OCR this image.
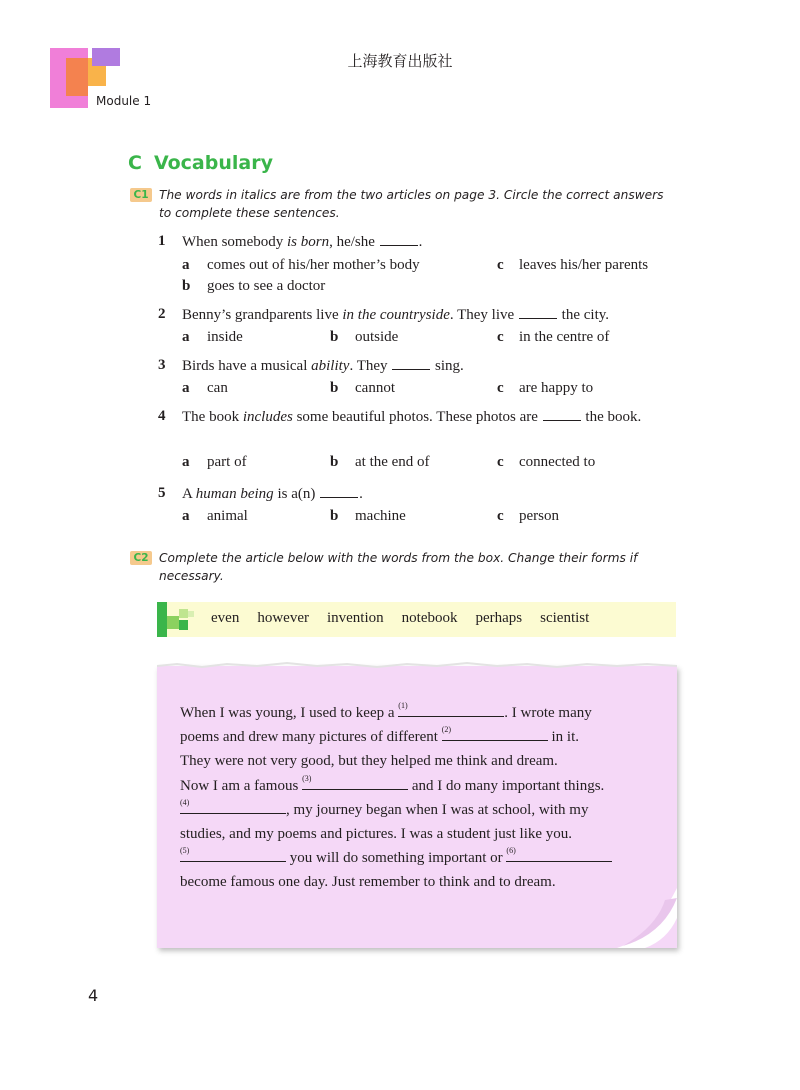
上海教育出版社
Module 1
C Vocabulary
C1 The words in italics are from the two articles on page 3. Circle the correct answers
to complete these sentences.
1 When somebody is born, he/she	.
a comes out of his/her mother’s body
b goes to see a doctor
c leaves his/her parents
2 Benny’s grandparents live in the countryside. They live	the city.
a inside	b outside	c in the centre of
3 Birds have a musical ability. They	sing.
a can	b cannot	c are happy to
4 The book includes some beautiful photos. These photos are	the book.
a part of	b at the end of	c connected to
5 A human being is a(n)	.
a animal	b machine	c person
C2 Complete the article below with the words from the box. Change their forms if
necessary.
even however invention notebook perhaps scientist
When I was young, I used to keep a (1)	. I wrote many
poems and drew many pictures of different (2)	in it.
They were not very good, but they helped me think and dream.
Now I am a famous (3)	and I do many important things.
(4)	, my journey began when I was at school, with my
studies, and my poems and pictures. I was a student just like you.
(5)	you will do something important or (6)
become famous one day. Just remember to think and to dream.
4
